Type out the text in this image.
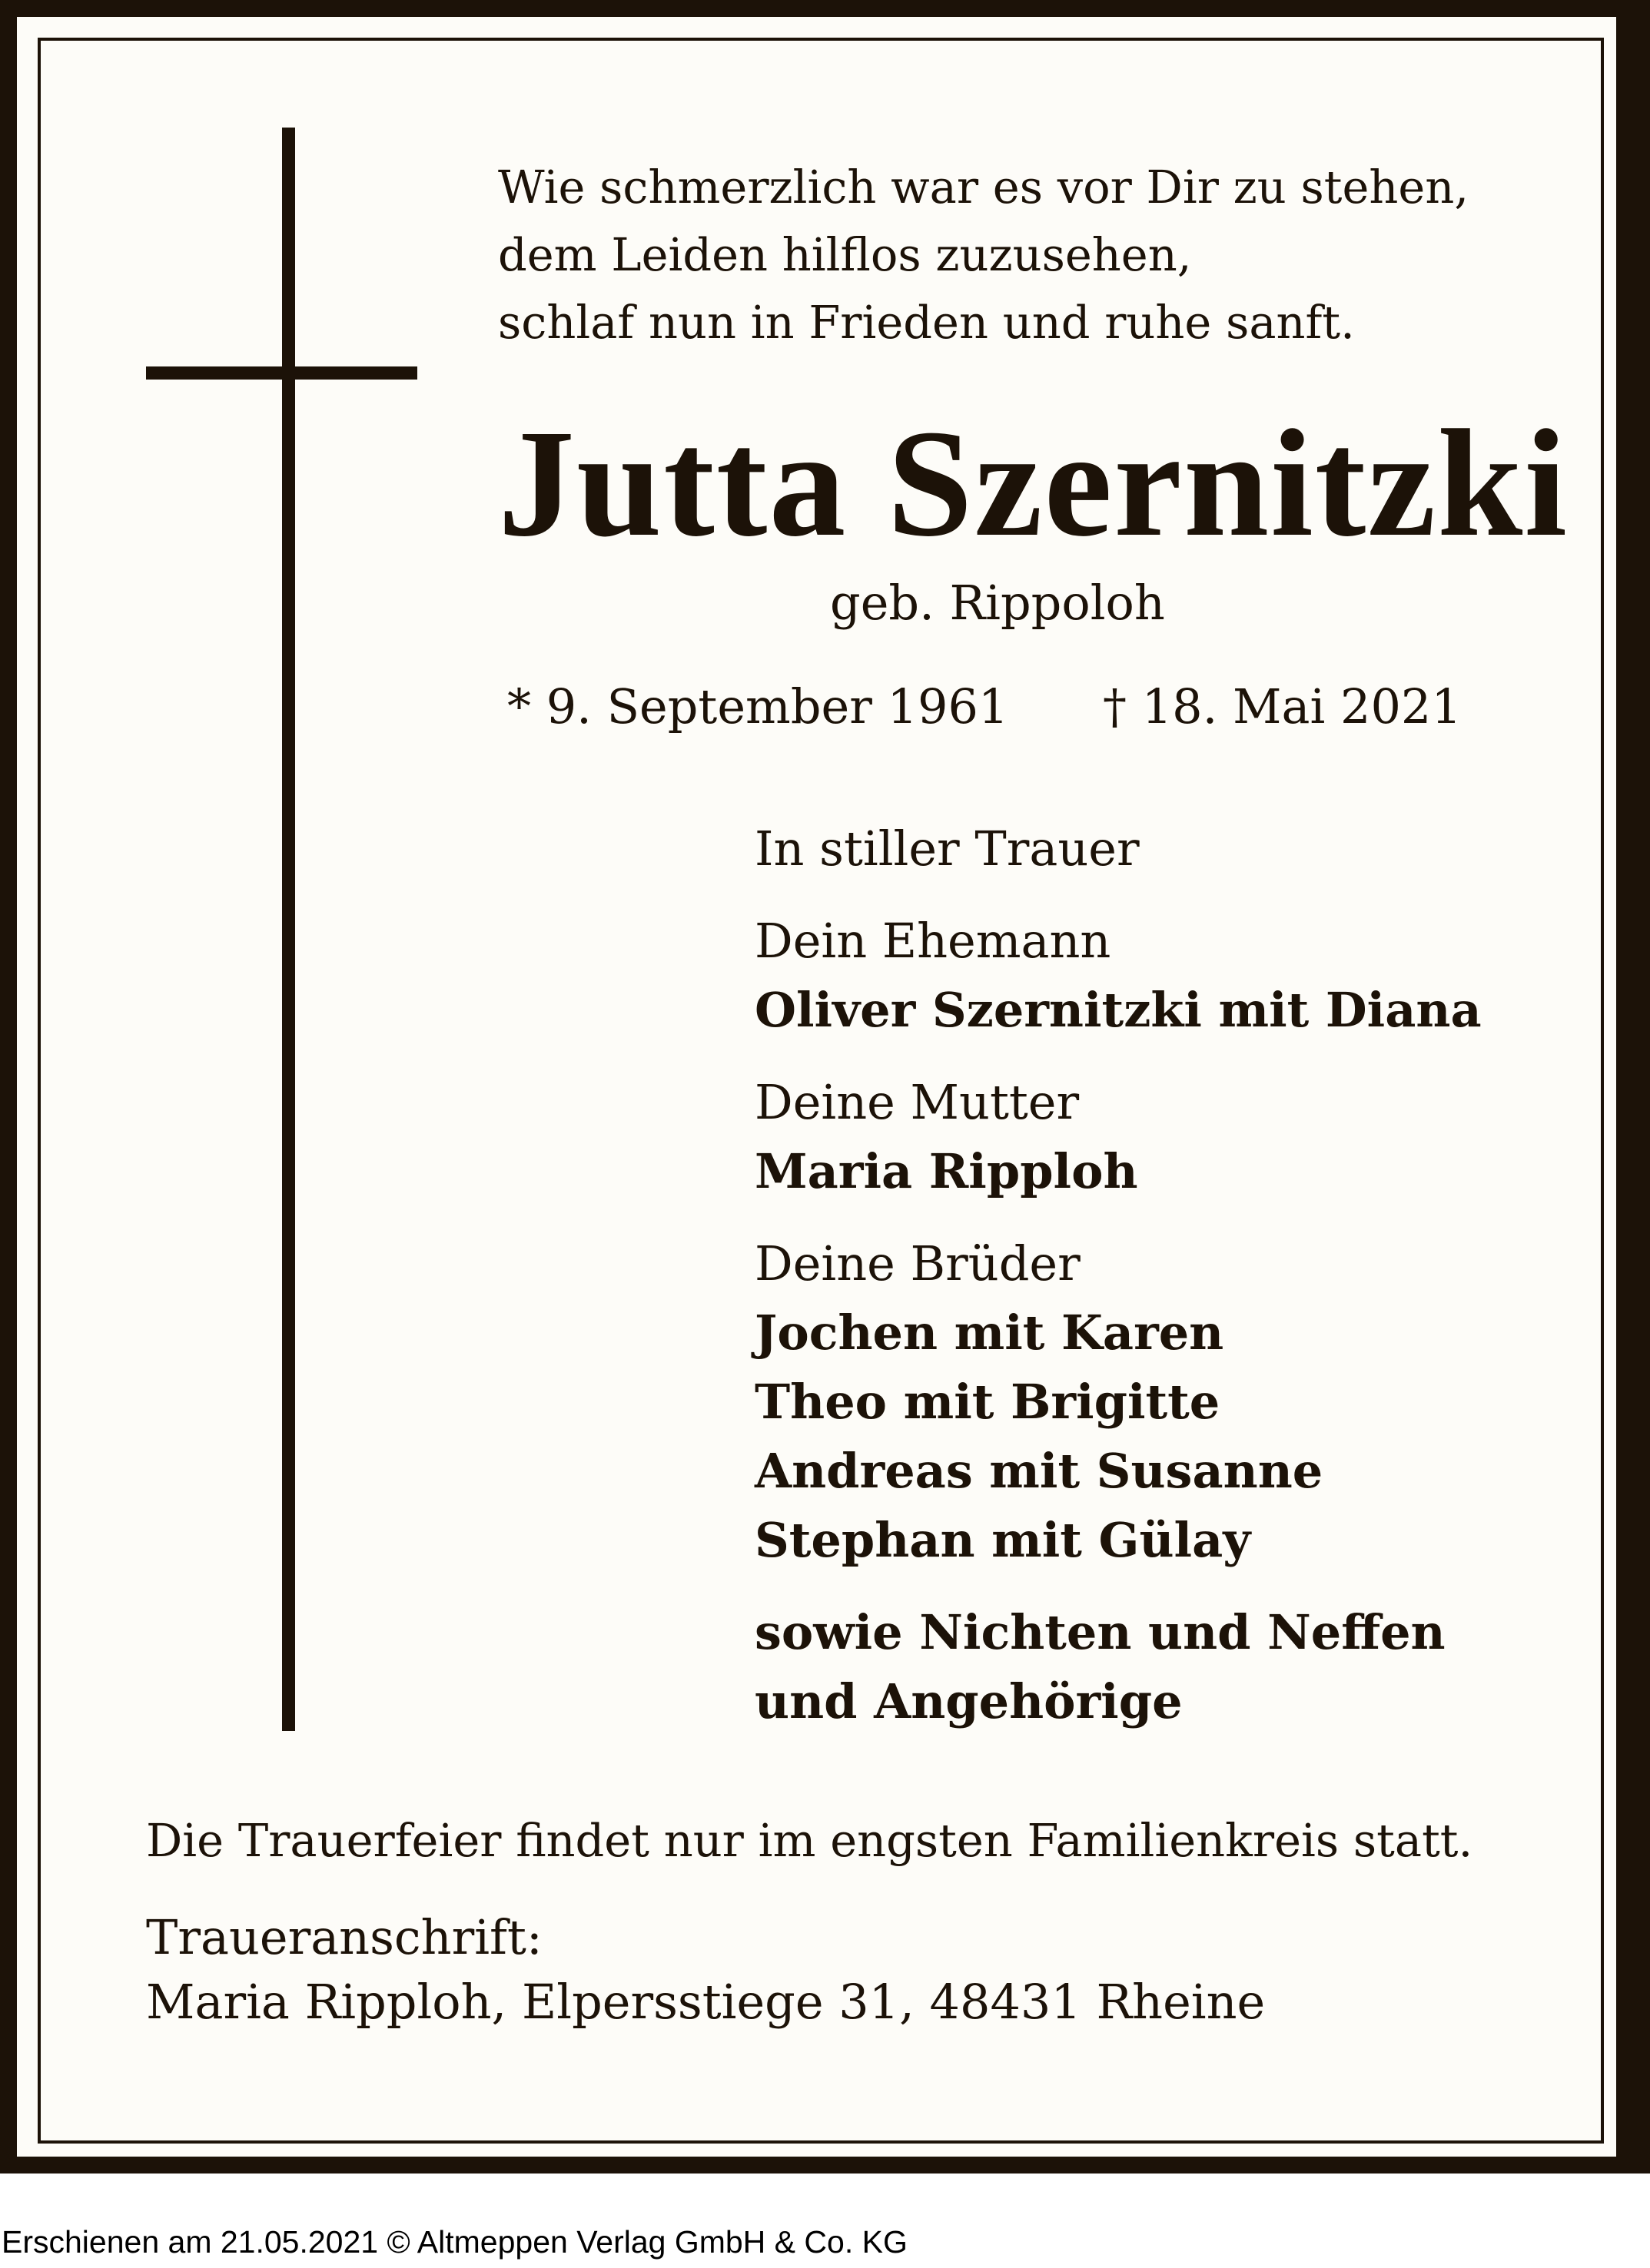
Wie schmerzlich war es vor Dir zu stehen,
dem Leiden hilflos zuzusehen,
schlaf nun in Frieden und ruhe sanft.
Jutta Szernitzki
geb. Rippoloh
* 9. September 1961 † 18. Mai 2021
In stiller Trauer
Dein Ehemann
Oliver Szernitzki mit Diana
Deine Mutter
Maria Ripploh
Deine Brüder
Jochen mit Karen
Theo mit Brigitte
Andreas mit Susanne
Stephan mit Gülay
sowie Nichten und Neffen
und Angehörige
Die Trauerfeier findet nur im engsten Familienkreis statt.
Traueranschrift:
Maria Ripploh, Elpersstiege 31, 48431 Rheine
Erschienen am 21.05.2021 © Altmeppen Verlag GmbH & Co. KG
